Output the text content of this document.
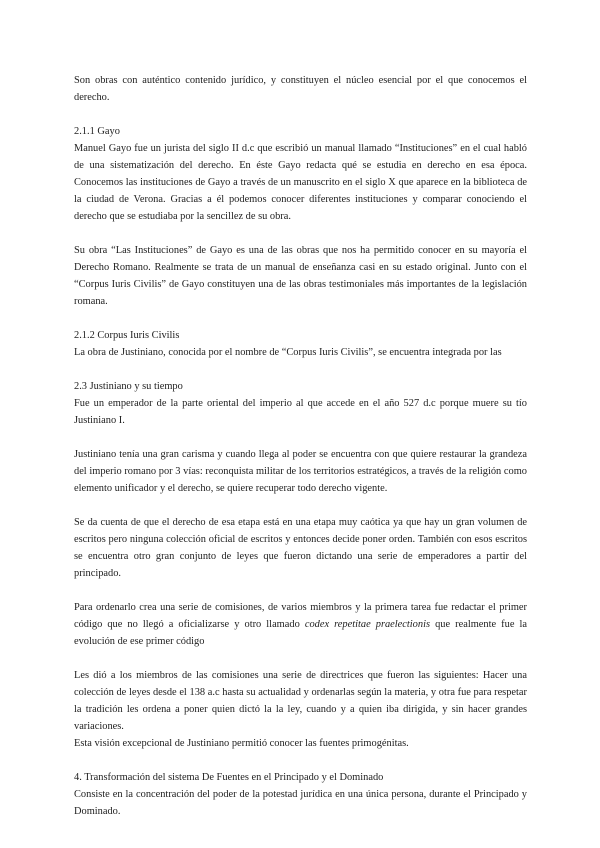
Son obras con auténtico contenido jurídico, y constituyen el núcleo esencial por el que conocemos el derecho.

2.1.1 Gayo

Manuel Gayo fue un jurista del siglo II d.c que escribió un manual llamado “Instituciones” en el cual habló de una sistematización del derecho. En éste Gayo redacta qué se estudia en derecho en esa época. Conocemos las instituciones de Gayo a través de un manuscrito en el siglo X que aparece en la biblioteca de la ciudad de Verona. Gracias a él podemos conocer diferentes instituciones y comparar conociendo el derecho que se estudiaba por la sencillez de su obra.

Su obra “Las Instituciones” de Gayo es una de las obras que nos ha permitido conocer en su mayoría el Derecho Romano. Realmente se trata de un manual de enseñanza casi en su estado original. Junto con el “Corpus Iuris Civilis” de Gayo constituyen una de las obras testimoniales más importantes de la legislación romana.

2.1.2 Corpus Iuris Civilis

La obra de Justiniano, conocida por el nombre de “Corpus Iuris Civilis”, se encuentra integrada por las

2.3 Justiniano y su tiempo

Fue un emperador de la parte oriental del imperio al que accede en el año 527 d.c porque muere su tío Justiniano I.

Justiniano tenía una gran carisma y cuando llega al poder se encuentra con que quiere restaurar la grandeza del imperio romano por 3 vías: reconquista militar de los territorios estratégicos, a través de la religión como elemento unificador y el derecho, se quiere recuperar todo derecho vigente.

Se da cuenta de que el derecho de esa etapa está en una etapa muy caótica ya que hay un gran volumen de escritos pero ninguna colección oficial de escritos y entonces decide poner orden. También con esos escritos se encuentra otro gran conjunto de leyes que fueron dictando una serie de emperadores a partir del principado.

Para ordenarlo crea una serie de comisiones, de varios miembros y la primera tarea fue redactar el primer código que no llegó a oficializarse y otro llamado codex repetitae praelectionis que realmente fue la evolución de ese primer código

Les dió a los miembros de las comisiones una serie de directrices que fueron las siguientes: Hacer una colección de leyes desde el 138 a.c hasta su actualidad y ordenarlas según la materia, y otra fue para respetar la tradición les ordena a poner quien dictó la la ley, cuando y a quien iba dirigida, y sin hacer grandes variaciones.

Esta visión excepcional de Justiniano permitió conocer las fuentes primogénitas.

4. Transformación del sistema De Fuentes en el Principado y el Dominado

Consiste en la concentración del poder de la potestad jurídica en una única persona, durante el Principado y Dominado.
